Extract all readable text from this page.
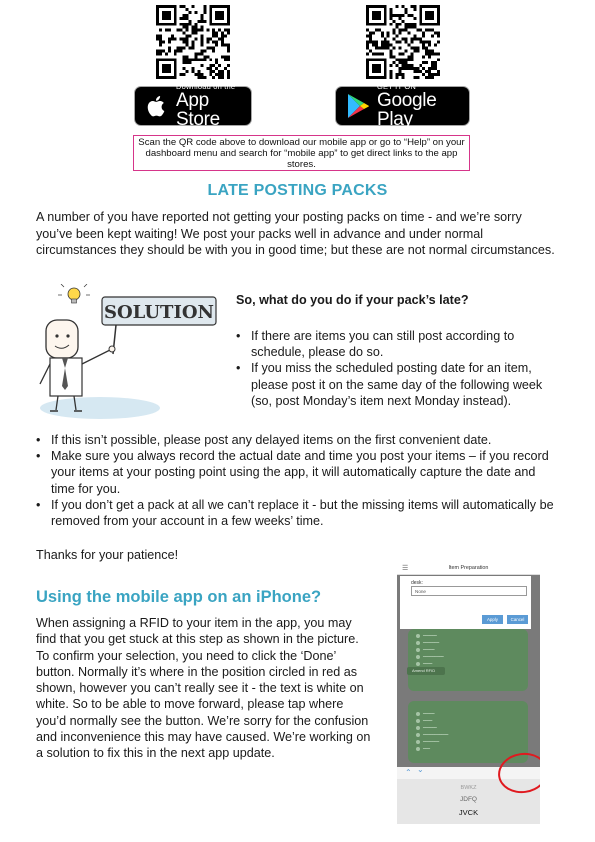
Download on the
App Store
GET IT ON
Google Play
Scan the QR code above to download our mobile app or go to “Help” on your dashboard menu and search for “mobile app” to get direct links to the app stores.
LATE POSTING PACKS
A number of you have reported not getting your posting packs on time - and we’re sorry you’ve been kept waiting! We post your packs well in advance and under normal circumstances they should be with you in good time; but these are not normal circumstances.
SOLUTION
So, what do you do if your pack’s late?
• If there are items you can still post according to schedule, please do so.
• If you miss the scheduled posting date for an item, please post it on the same day of the following week (so, post Monday’s item next Monday instead).
• If this isn’t possible, please post any delayed items on the first convenient date.
• Make sure you always record the actual date and time you post your items – if you record your items at your posting point using the app, it will automatically capture the date and time for you.
• If you don’t get a pack at all we can’t replace it - but the missing items will automatically be removed from your account in a few weeks’ time.
Thanks for your patience!
Using the mobile app on an iPhone?
When assigning a RFID to your item in the app, you may find that you get stuck at this step as shown in the picture. To confirm your selection, you need to click the ‘Done’ button. Normally it’s where in the position circled in red as shown, however you can’t really see it - the text is white on white. So to be able to move forward, please tap where you’d normally see the button. We’re sorry for the confusion and inconvenience this may have caused. We’re working on a solution to fix this in the next app update.
☰	Item Preparation
desk:
None
Apply	Cancel
━━━━━━
━━━━━━━
━━━━━
━━━━━━━━━
━━━━
Amend RFID
━━━━━
━━━━
━━━━━━
━━━━━━━━━━━
━━━━━━━
━━━
⌃ ⌄
BWKZ
JDFQ
JVCK
